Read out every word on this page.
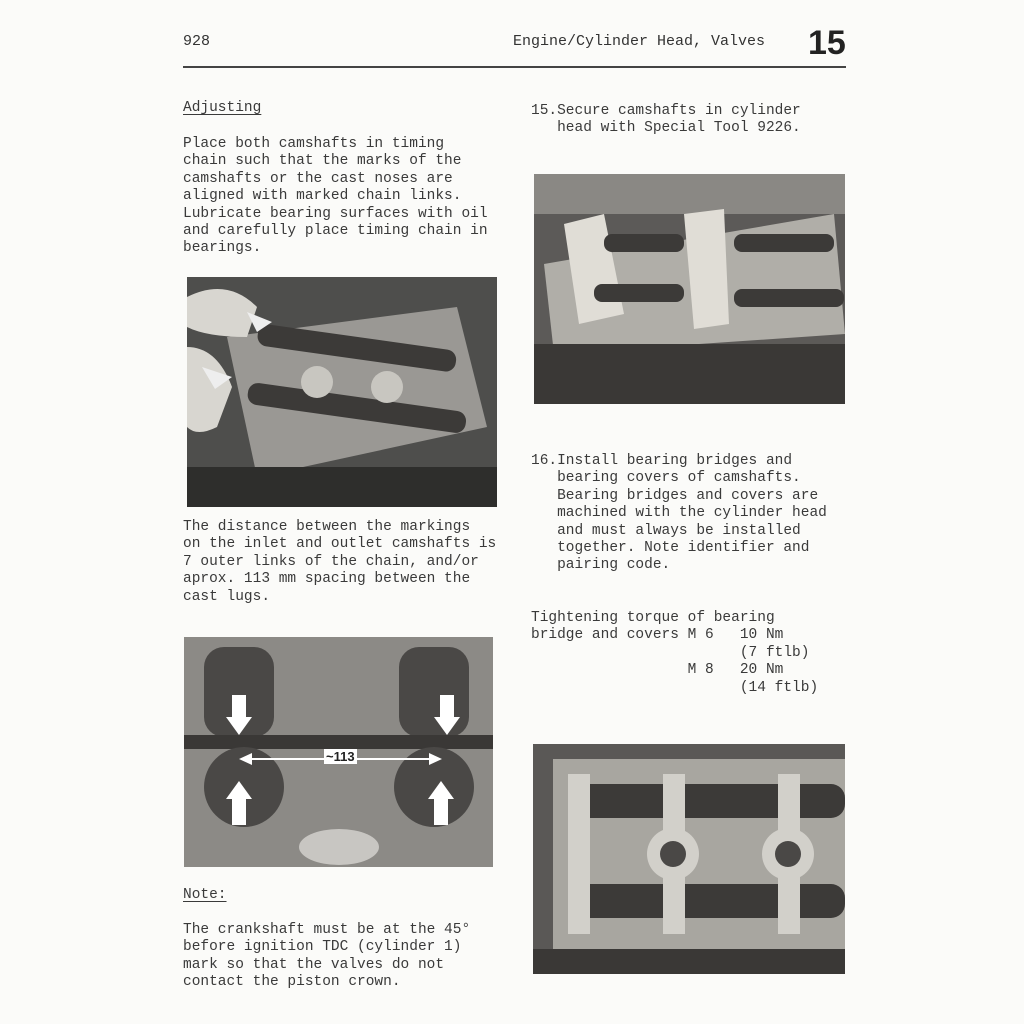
928	Engine/Cylinder Head, Valves 15
Adjusting
Place both camshafts in timing
chain such that the marks of the
camshafts or the cast noses are
aligned with marked chain links.
Lubricate bearing surfaces with oil
and carefully place timing chain in
bearings.
The distance between the markings
on the inlet and outlet camshafts is
7 outer links of the chain, and/or
aprox. 113 mm spacing between the
cast lugs.
~113
Note:
The crankshaft must be at the 45°
before ignition TDC (cylinder 1)
mark so that the valves do not
contact the piston crown.
15.Secure camshafts in cylinder
head with Special Tool 9226.
16.Install bearing bridges and
bearing covers of camshafts.
Bearing bridges and covers are
machined with the cylinder head
and must always be installed
together. Note identifier and
pairing code.
Tightening torque of bearing
bridge and covers M 6   10 Nm
(7 ftlb)
M 8   20 Nm
(14 ftlb)
